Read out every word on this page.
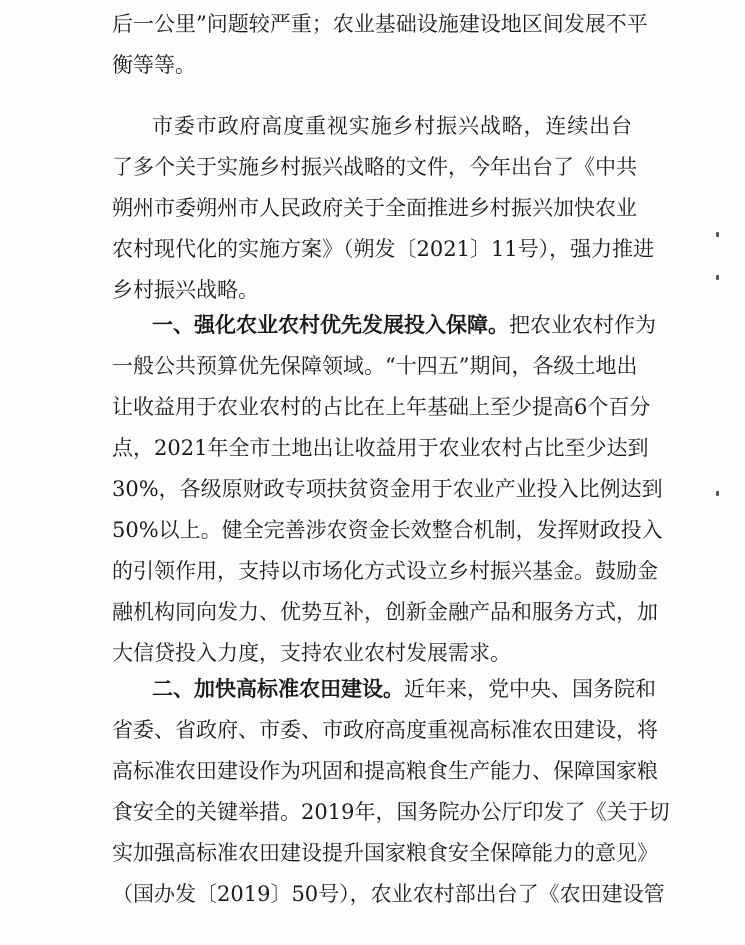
后一公里”问题较严重；农业基础设施建设地区间发展不平
衡等等。
市委市政府高度重视实施乡村振兴战略，连续出台
了多个关于实施乡村振兴战略的文件，今年出台了《中共
朔州市委朔州市人民政府关于全面推进乡村振兴加快农业
农村现代化的实施方案》（朔发〔2021〕11号），强力推进
乡村振兴战略。
一、强化农业农村优先发展投入保障。把农业农村作为
一般公共预算优先保障领域。“十四五”期间，各级土地出
让收益用于农业农村的占比在上年基础上至少提高6个百分
点，2021年全市土地出让收益用于农业农村占比至少达到
30%，各级原财政专项扶贫资金用于农业产业投入比例达到
50%以上。健全完善涉农资金长效整合机制，发挥财政投入
的引领作用，支持以市场化方式设立乡村振兴基金。鼓励金
融机构同向发力、优势互补，创新金融产品和服务方式，加
大信贷投入力度，支持农业农村发展需求。
二、加快高标准农田建设。近年来，党中央、国务院和
省委、省政府、市委、市政府高度重视高标准农田建设，将
高标准农田建设作为巩固和提高粮食生产能力、保障国家粮
食安全的关键举措。2019年，国务院办公厅印发了《关于切
实加强高标准农田建设提升国家粮食安全保障能力的意见》
（国办发〔2019〕50号），农业农村部出台了《农田建设管
